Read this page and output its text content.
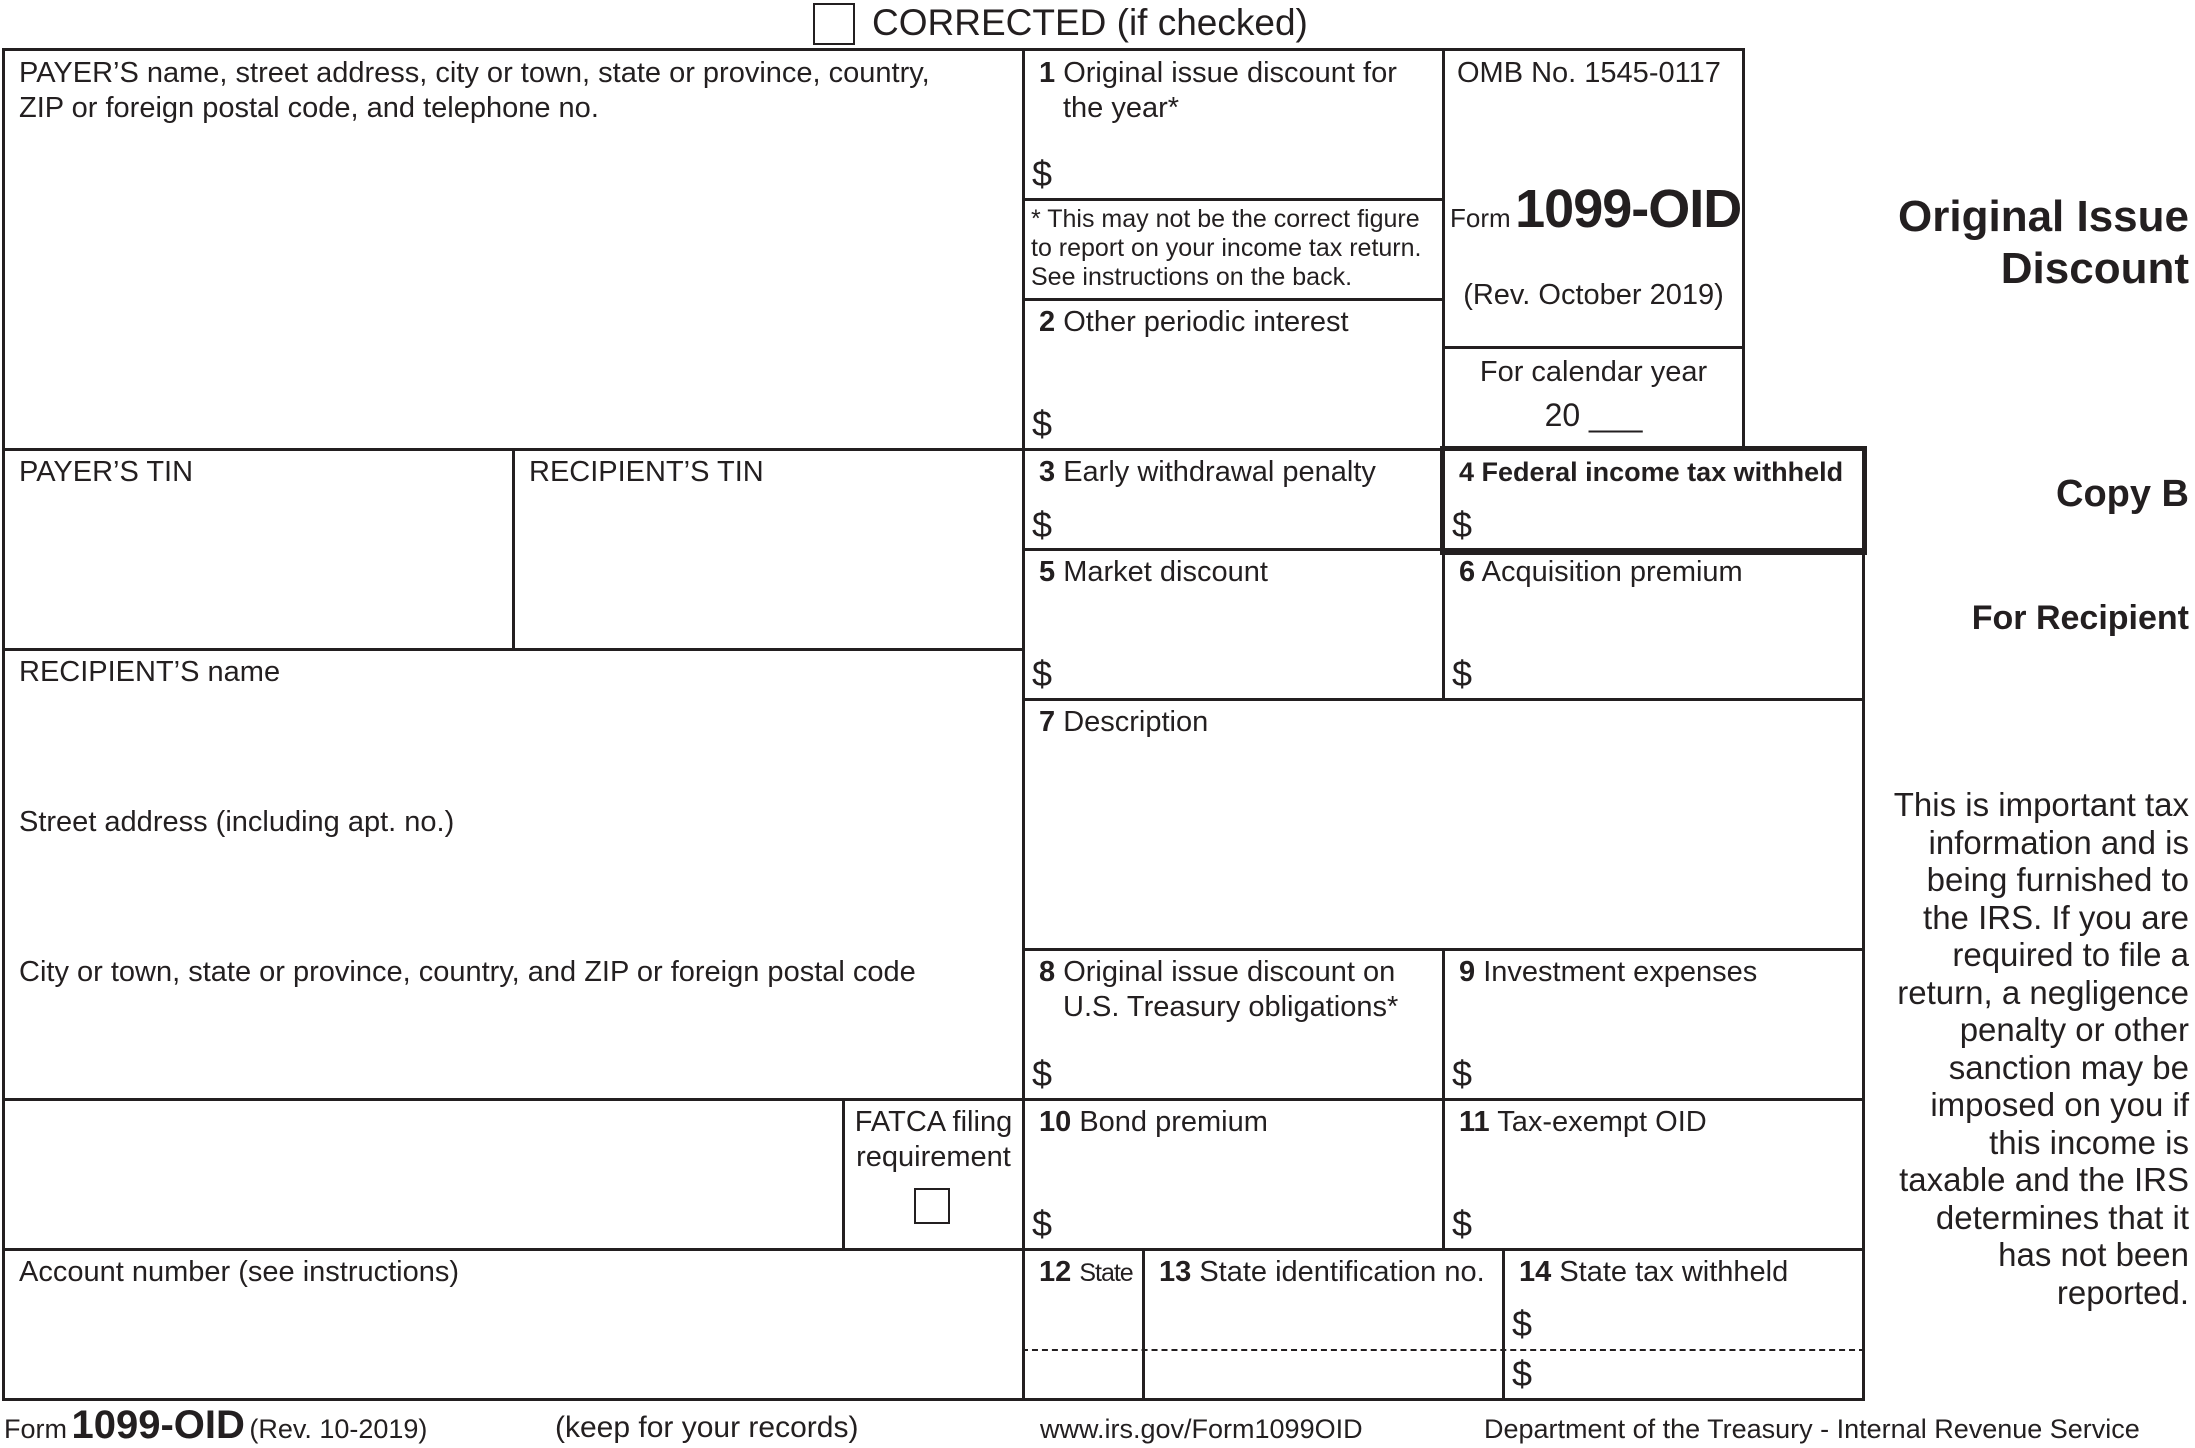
CORRECTED (if checked)
PAYER’S name, street address, city or town, state or province, country,
ZIP or foreign postal code, and telephone no.
PAYER’S TIN	RECIPIENT’S TIN
RECIPIENT’S name
Street address (including apt. no.)
City or town, state or province, country, and ZIP or foreign postal code
FATCA filing
requirement
Account number (see instructions)
1 Original issue discount for
the year*
$
* This may not be the correct figure
to report on your income tax return.
See instructions on the back.
2 Other periodic interest
$
OMB No. 1545-0117
Form 1099-OID
(Rev. October 2019)
For calendar year
20 ___
3 Early withdrawal penalty
$
4 Federal income tax withheld
$
5 Market discount
$
6 Acquisition premium
$
7 Description
8 Original issue discount on
U.S. Treasury obligations*
$
9 Investment expenses
$
10 Bond premium
$
11 Tax-exempt OID
$
12 State 13 State identification no. 14 State tax withheld
$
$
Original Issue
Discount
Copy B
For Recipient
This is important tax
information and is
being furnished to
the IRS. If you are
required to file a
return, a negligence
penalty or other
sanction may be
imposed on you if
this income is
taxable and the IRS
determines that it
has not been
reported.
Form 1099-OID (Rev. 10-2019)	(keep for your records)	www.irs.gov/Form1099OID	Department of the Treasury - Internal Revenue Service
